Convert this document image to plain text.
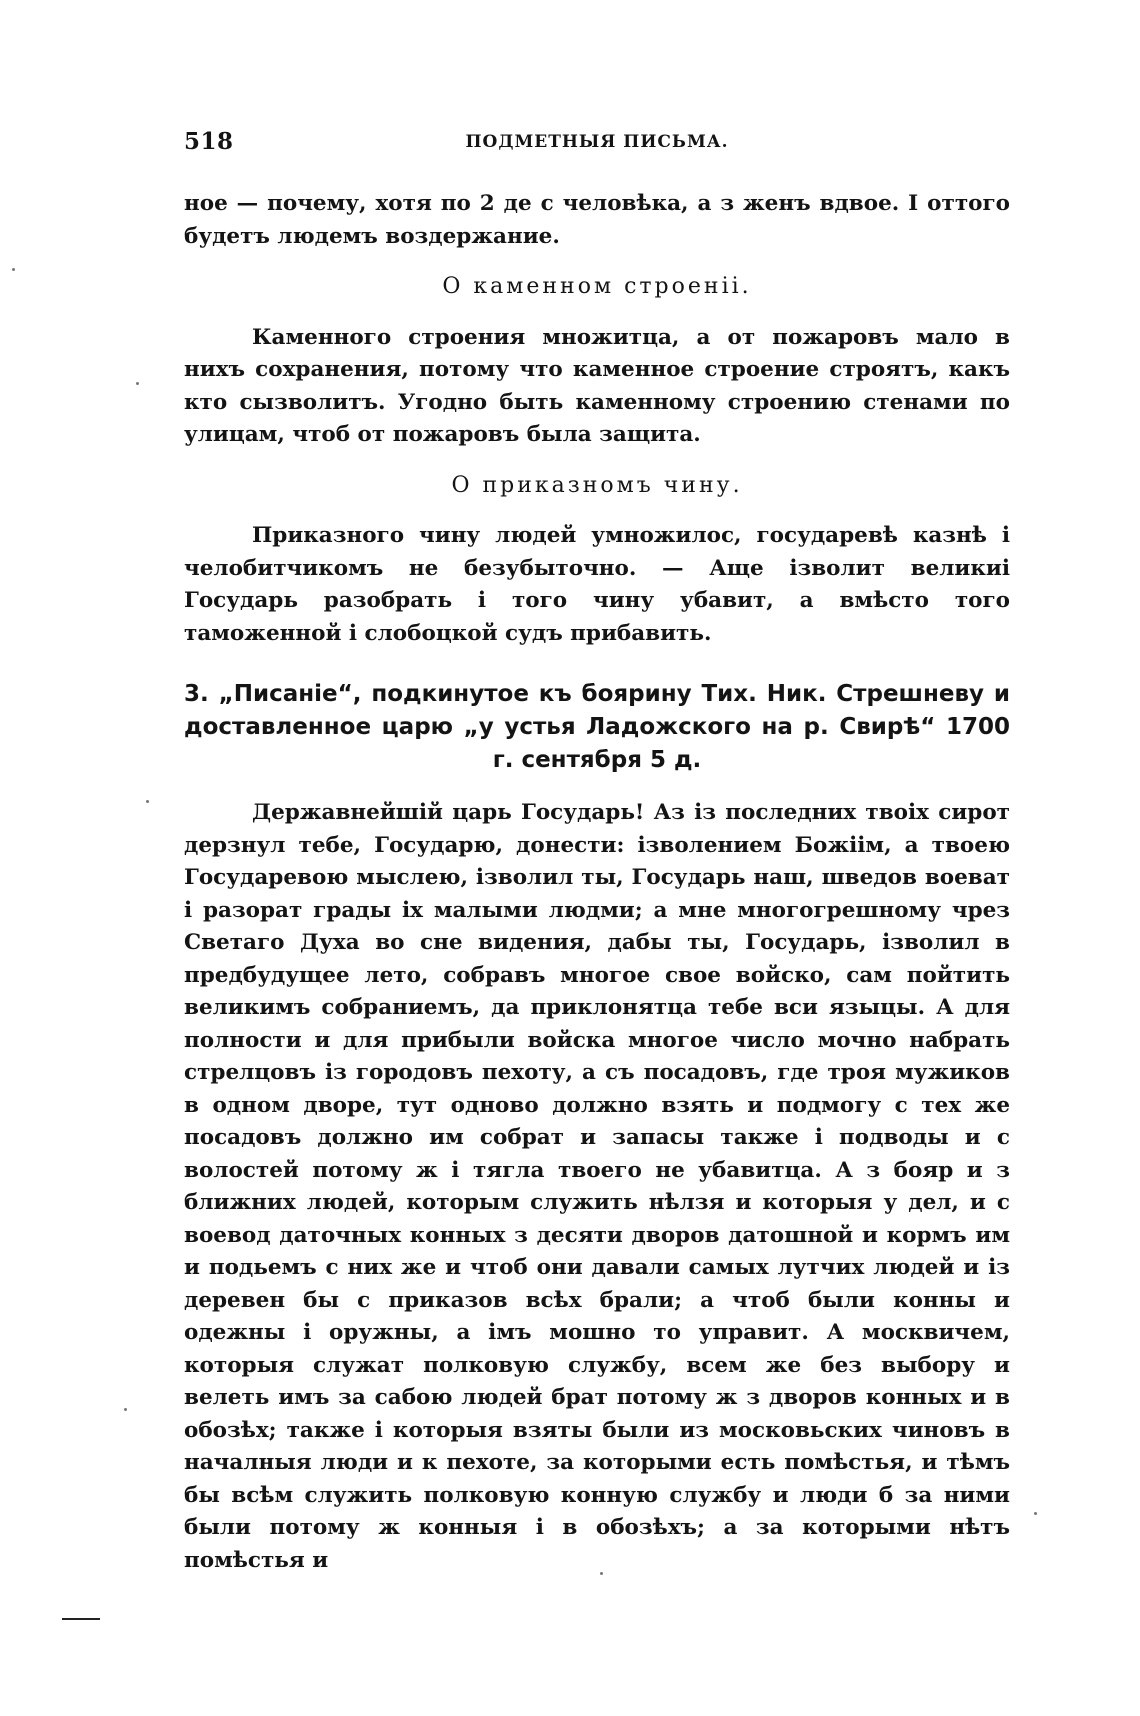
518	ПОДМЕТНЫЯ ПИСЬМА.

ное — почему, хотя по 2 де с человѣка, а з женъ вдвое. I оттого будетъ людемъ воздержание.

О каменном строенiі.

Каменного строения множитца, а от пожаровъ мало в нихъ сохранения, потому что каменное строение строятъ, какъ кто сызволитъ. Угодно быть каменному строению стенами по улицам, чтоб от пожаровъ была защита.

О приказномъ чину.

Приказного чину людей умножилос, государевѣ казнѣ і челобитчикомъ не безубыточно. — Аще ізволит великиі Государь разобрать і того чину убавит, а вмѣсто того таможенной і слобоцкой судъ прибавить.

3. „Писанiе“, подкинутое къ боярину Тих. Ник. Стрешневу и доставленное царю „у устья Ладожского на р. Свирѣ“ 1700 г. сентября 5 д.

Державнейшiй царь Государь! Аз із последних твоiх сирот дерзнул тебе, Государю, донести: ізволением Божiім, а твоею Государевою мыслею, ізволил ты, Государь наш, шведов воеват і разорат грады іх малыми людми; а мне многогрешному чрез Светаго Духа во сне видения, дабы ты, Государь, ізволил в предбудущее лето, собравъ многое свое войско, сам пойтить великимъ собраниемъ, да приклонятца тебе вси языцы. А для полности и для прибыли войска многое число мочно набрать стрелцовъ із городовъ пехоту, а съ посадовъ, где троя мужиков в одном дворе, тут одново должно взять и подмогу с тех же посадовъ должно им собрат и запасы также і подводы и с волостей потому ж і тягла твоего не убавитца. А з бояр и з ближних людей, которым служить нѣлзя и которыя у дел, и с воевод даточных конных з десяти дворов датошной и кормъ им и подьемъ с них же и чтоб они давали самых лутчих людей и із деревен бы с приказов всѣх брали; а чтоб были конны и одежны і оружны, а імъ мошно то управит. А москвичем, которыя служат полковую службу, всем же без выбору и велеть имъ за сабою людей брат потому ж з дворов конных и в обозѣх; также і которыя взяты были из московьских чиновъ в началныя люди и к пехоте, за которыми есть помѣстья, и тѣмъ бы всѣм служить полковую конную службу и люди б за ними были потому ж конныя і в обозѣхъ; а за которыми нѣтъ помѣстья и
